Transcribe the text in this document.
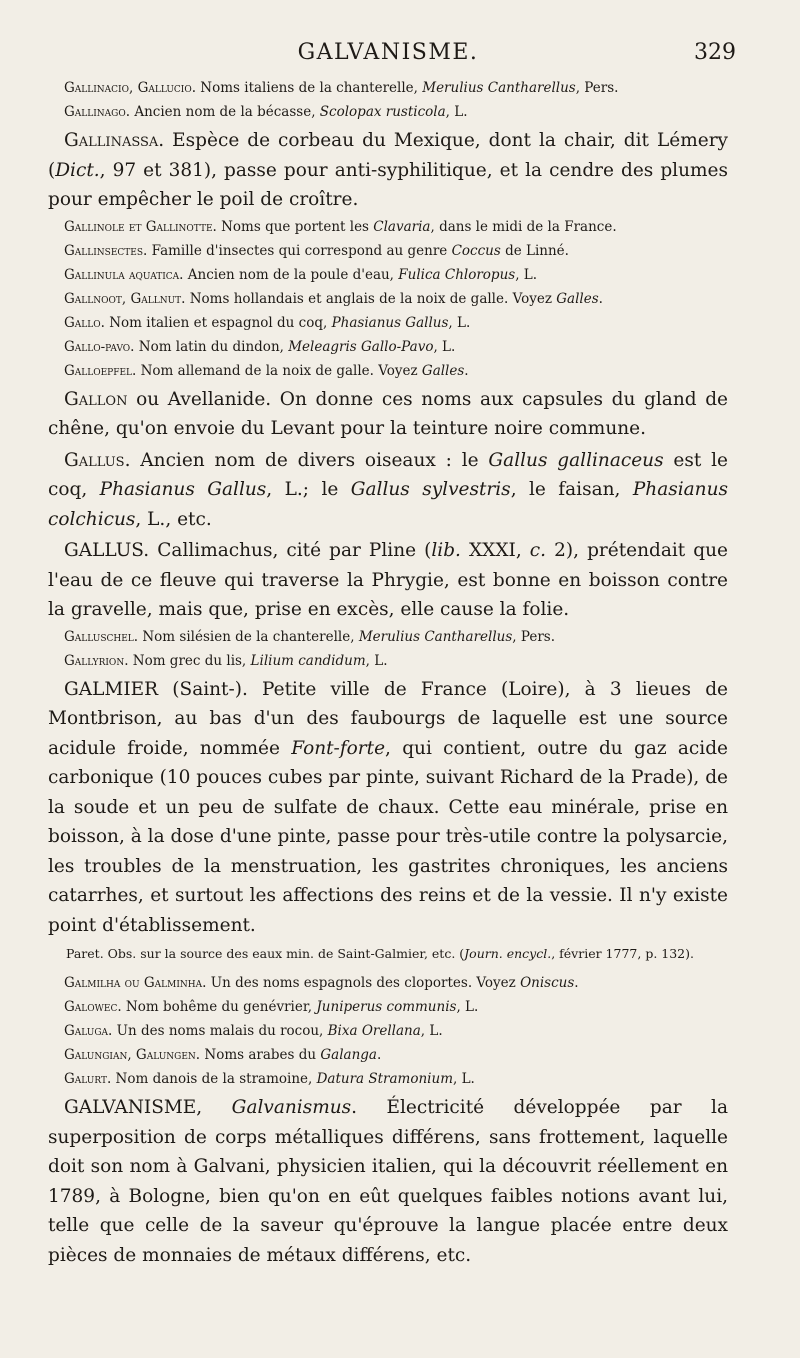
GALVANISME.	329

Gallinacio, Gallucio. Noms italiens de la chanterelle, Merulius Cantharellus, Pers.

Gallinago. Ancien nom de la bécasse, Scolopax rusticola, L.

Gallinassa. Espèce de corbeau du Mexique, dont la chair, dit Lémery (Dict., 97 et 381), passe pour anti-syphilitique, et la cendre des plumes pour empêcher le poil de croître.

Gallinole et Gallinotte. Noms que portent les Clavaria, dans le midi de la France.

Gallinsectes. Famille d'insectes qui correspond au genre Coccus de Linné.

Gallinula aquatica. Ancien nom de la poule d'eau, Fulica Chloropus, L.

Gallnoot, Gallnut. Noms hollandais et anglais de la noix de galle. Voyez Galles.

Gallo. Nom italien et espagnol du coq, Phasianus Gallus, L.

Gallo-pavo. Nom latin du dindon, Meleagris Gallo-Pavo, L.

Galloepfel. Nom allemand de la noix de galle. Voyez Galles.

Gallon ou Avellanide. On donne ces noms aux capsules du gland de chêne, qu'on envoie du Levant pour la teinture noire commune.

Gallus. Ancien nom de divers oiseaux : le Gallus gallinaceus est le coq, Phasianus Gallus, L.; le Gallus sylvestris, le faisan, Phasianus colchicus, L., etc.

GALLUS. Callimachus, cité par Pline (lib. XXXI, c. 2), prétendait que l'eau de ce fleuve qui traverse la Phrygie, est bonne en boisson contre la gravelle, mais que, prise en excès, elle cause la folie.

Galluschel. Nom silésien de la chanterelle, Merulius Cantharellus, Pers.

Gallyrion. Nom grec du lis, Lilium candidum, L.

GALMIER (Saint-). Petite ville de France (Loire), à 3 lieues de Montbrison, au bas d'un des faubourgs de laquelle est une source acidule froide, nommée Font-forte, qui contient, outre du gaz acide carbonique (10 pouces cubes par pinte, suivant Richard de la Prade), de la soude et un peu de sulfate de chaux. Cette eau minérale, prise en boisson, à la dose d'une pinte, passe pour très-utile contre la polysarcie, les troubles de la menstruation, les gastrites chroniques, les anciens catarrhes, et surtout les affections des reins et de la vessie. Il n'y existe point d'établissement.

Paret. Obs. sur la source des eaux min. de Saint-Galmier, etc. (Journ. encycl., février 1777, p. 132).

Galmilha ou Galminha. Un des noms espagnols des cloportes. Voyez Oniscus.

Galowec. Nom bohême du genévrier, Juniperus communis, L.

Galuga. Un des noms malais du rocou, Bixa Orellana, L.

Galungian, Galungen. Noms arabes du Galanga.

Galurt. Nom danois de la stramoine, Datura Stramonium, L.

GALVANISME, Galvanismus. Électricité développée par la superposition de corps métalliques différens, sans frottement, laquelle doit son nom à Galvani, physicien italien, qui la découvrit réellement en 1789, à Bologne, bien qu'on en eût quelques faibles notions avant lui, telle que celle de la saveur qu'éprouve la langue placée entre deux pièces de monnaies de métaux différens, etc.
